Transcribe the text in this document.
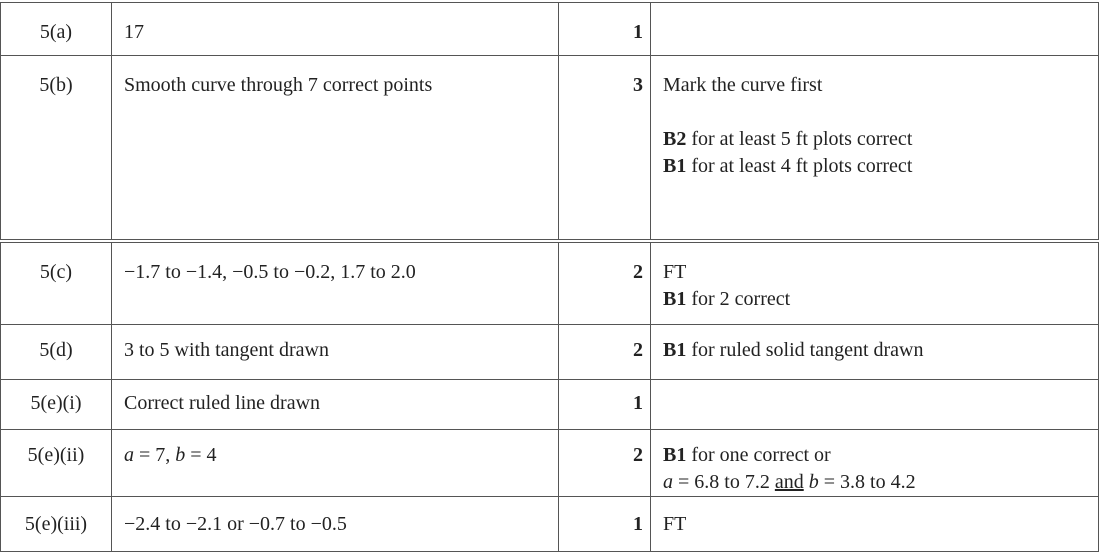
5(a)	17	1	
5(b)	Smooth curve through 7 correct points	3	Mark the curve first
B2 for at least 5 ft plots correct
B1 for at least 4 ft plots correct

5(c)	−1.7 to −1.4, −0.5 to −0.2, 1.7 to 2.0	2	FT
B1 for 2 correct

5(d)	3 to 5 with tangent drawn	2	B1 for ruled solid tangent drawn
5(e)(i)	Correct ruled line drawn	1	
5(e)(ii)	a = 7, b = 4	2	B1 for one correct or
a = 6.8 to 7.2 and b = 3.8 to 4.2

5(e)(iii)	−2.4 to −2.1 or −0.7 to −0.5	1	FT
